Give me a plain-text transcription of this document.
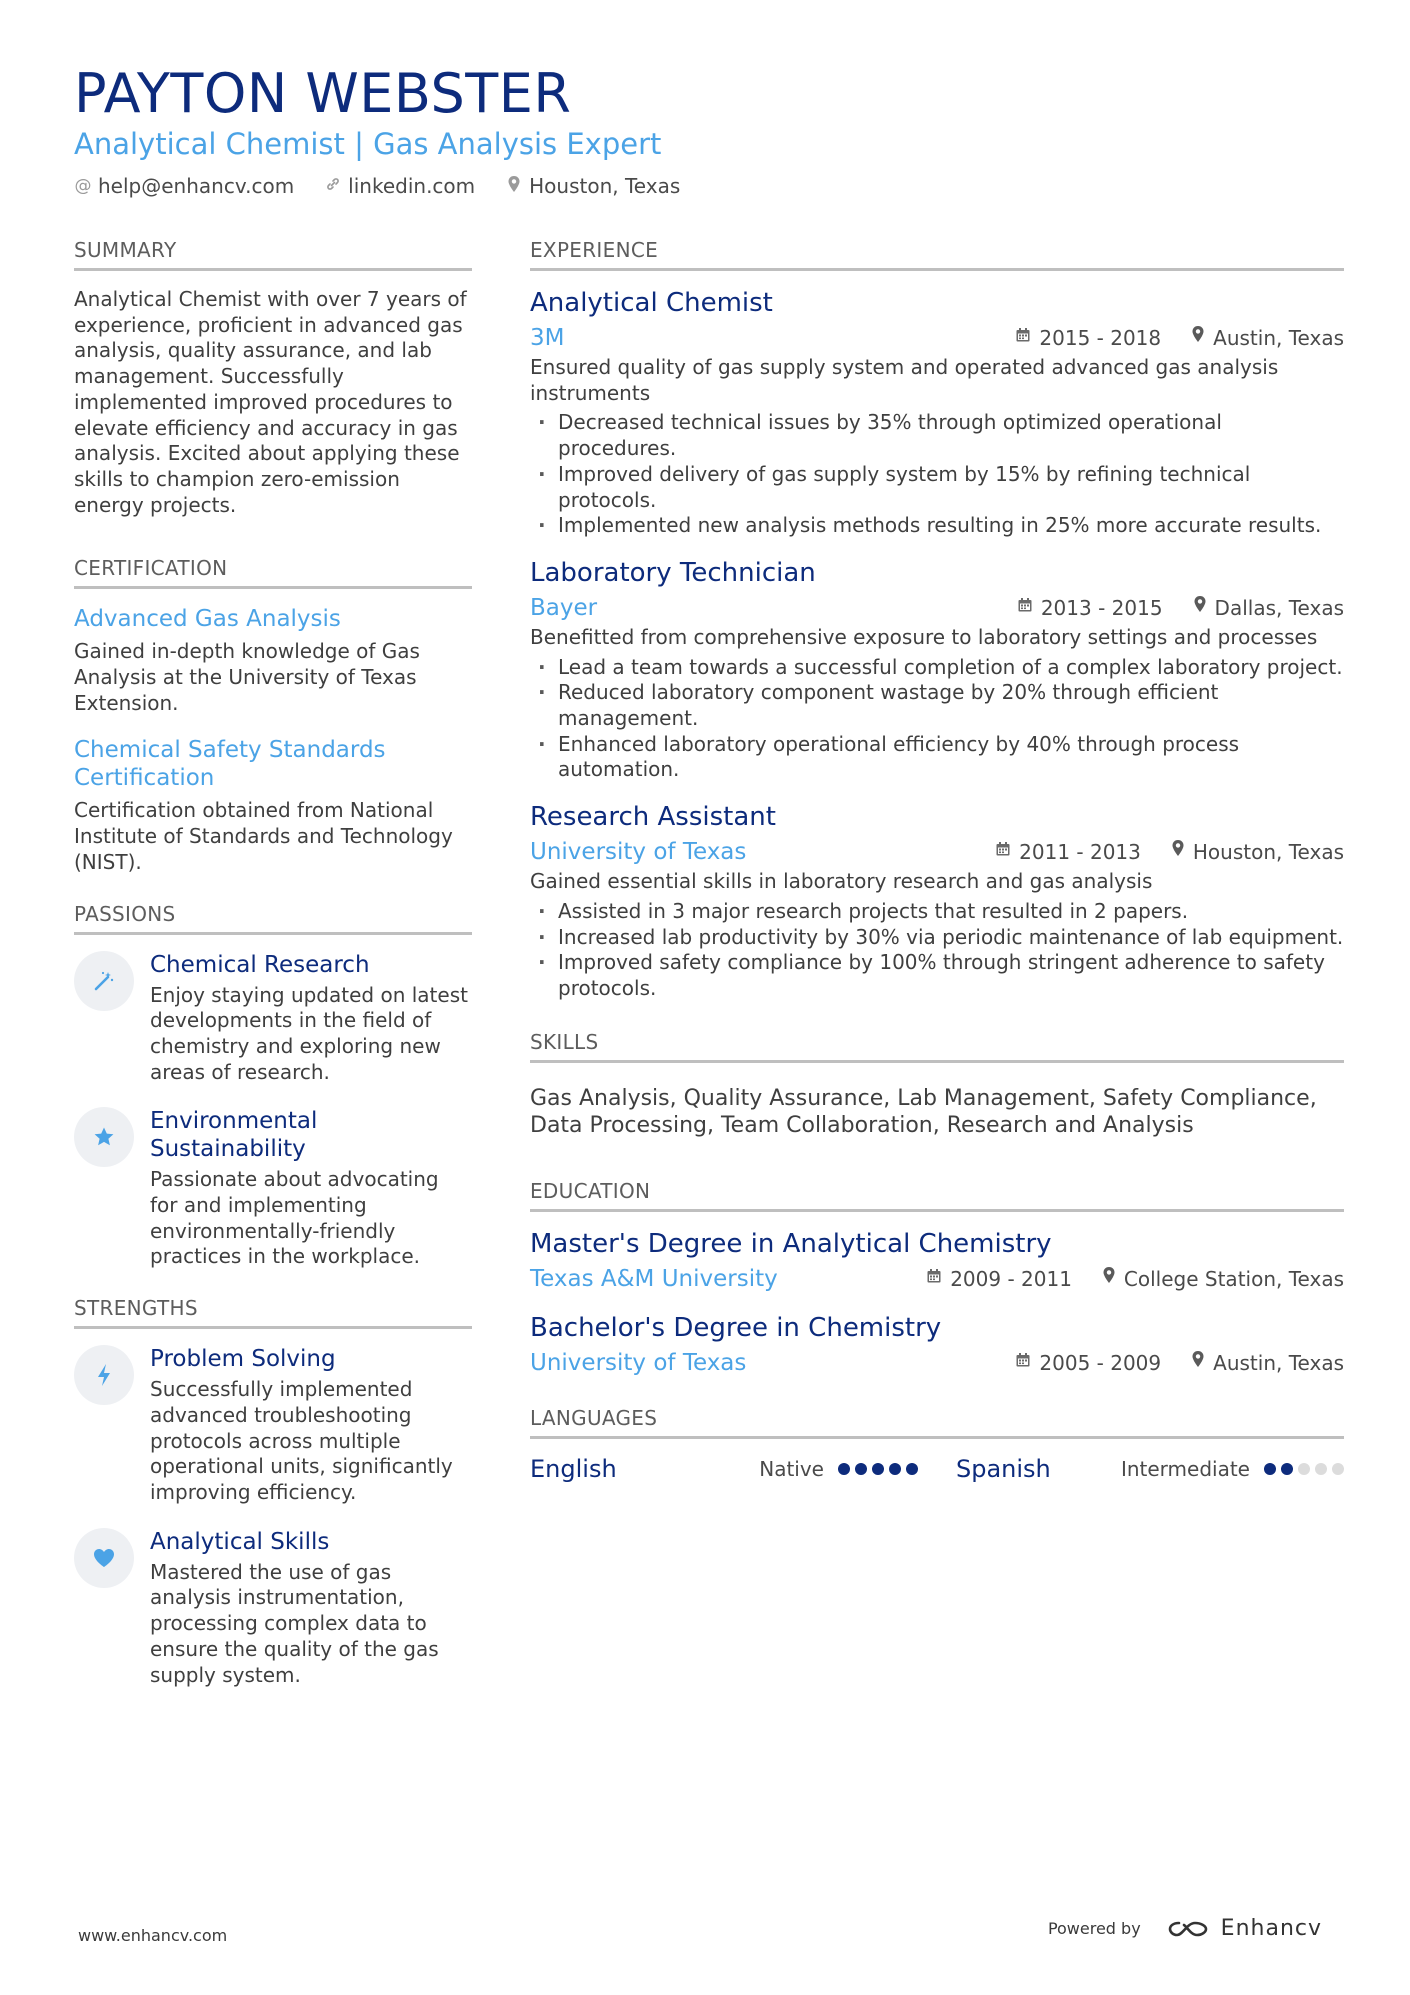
PAYTON WEBSTER
Analytical Chemist | Gas Analysis Expert
@ help@enhancv.com	linkedin.com	Houston, Texas
SUMMARY
Analytical Chemist with over 7 years of experience, proficient in advanced gas analysis, quality assurance, and lab management. Successfully implemented improved procedures to elevate efficiency and accuracy in gas analysis. Excited about applying these skills to champion zero-emission energy projects.
CERTIFICATION
Advanced Gas Analysis
Gained in-depth knowledge of Gas Analysis at the University of Texas Extension.
Chemical Safety Standards Certification
Certification obtained from National Institute of Standards and Technology (NIST).
PASSIONS
Chemical Research
Enjoy staying updated on latest developments in the field of chemistry and exploring new areas of research.
Environmental Sustainability
Passionate about advocating for and implementing environmentally-friendly practices in the workplace.
STRENGTHS
Problem Solving
Successfully implemented advanced troubleshooting protocols across multiple operational units, significantly improving efficiency.
Analytical Skills
Mastered the use of gas analysis instrumentation, processing complex data to ensure the quality of the gas supply system.
EXPERIENCE
Analytical Chemist
3M	2015 - 2018	Austin, Texas
Ensured quality of gas supply system and operated advanced gas analysis instruments
· Decreased technical issues by 35% through optimized operational procedures.
· Improved delivery of gas supply system by 15% by refining technical protocols.
· Implemented new analysis methods resulting in 25% more accurate results.
Laboratory Technician
Bayer	2013 - 2015	Dallas, Texas
Benefitted from comprehensive exposure to laboratory settings and processes
· Lead a team towards a successful completion of a complex laboratory project.
· Reduced laboratory component wastage by 20% through efficient management.
· Enhanced laboratory operational efficiency by 40% through process automation.
Research Assistant
University of Texas	2011 - 2013	Houston, Texas
Gained essential skills in laboratory research and gas analysis
· Assisted in 3 major research projects that resulted in 2 papers.
· Increased lab productivity by 30% via periodic maintenance of lab equipment.
· Improved safety compliance by 100% through stringent adherence to safety protocols.
SKILLS
Gas Analysis, Quality Assurance, Lab Management, Safety Compliance, Data Processing, Team Collaboration, Research and Analysis
EDUCATION
Master's Degree in Analytical Chemistry
Texas A&M University	2009 - 2011	College Station, Texas
Bachelor's Degree in Chemistry
University of Texas	2005 - 2009	Austin, Texas
LANGUAGES
English	Native	Spanish	Intermediate
www.enhancv.com	Powered by	Enhancv
